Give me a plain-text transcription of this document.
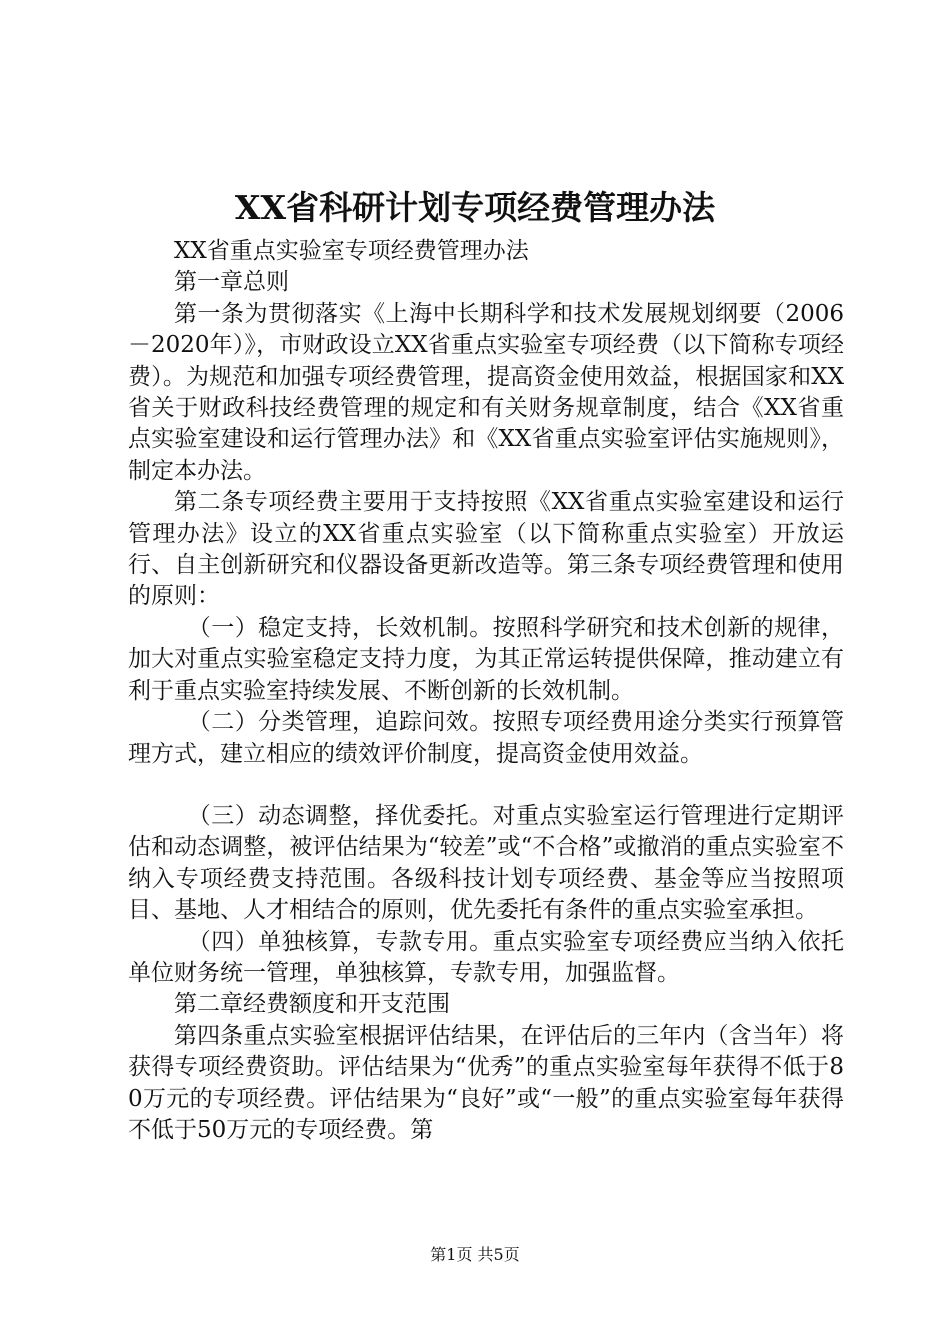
XX省科研计划专项经费管理办法

XX省重点实验室专项经费管理办法

第一章总则

第一条为贯彻落实《上海中长期科学和技术发展规划纲要（2006－2020年）》，市财政设立XX省重点实验室专项经费（以下简称专项经费）。为规范和加强专项经费管理，提高资金使用效益，根据国家和XX省关于财政科技经费管理的规定和有关财务规章制度，结合《XX省重点实验室建设和运行管理办法》和《XX省重点实验室评估实施规则》，制定本办法。

第二条专项经费主要用于支持按照《XX省重点实验室建设和运行管理办法》设立的XX省重点实验室（以下简称重点实验室）开放运行、自主创新研究和仪器设备更新改造等。第三条专项经费管理和使用的原则：

（一）稳定支持，长效机制。按照科学研究和技术创新的规律，加大对重点实验室稳定支持力度，为其正常运转提供保障，推动建立有利于重点实验室持续发展、不断创新的长效机制。

（二）分类管理，追踪问效。按照专项经费用途分类实行预算管理方式，建立相应的绩效评价制度，提高资金使用效益。

（三）动态调整，择优委托。对重点实验室运行管理进行定期评估和动态调整，被评估结果为“较差”或“不合格”或撤消的重点实验室不纳入专项经费支持范围。各级科技计划专项经费、基金等应当按照项目、基地、人才相结合的原则，优先委托有条件的重点实验室承担。

（四）单独核算，专款专用。重点实验室专项经费应当纳入依托单位财务统一管理，单独核算，专款专用，加强监督。

第二章经费额度和开支范围

第四条重点实验室根据评估结果，在评估后的三年内（含当年）将获得专项经费资助。评估结果为“优秀”的重点实验室每年获得不低于80万元的专项经费。评估结果为“良好”或“一般”的重点实验室每年获得不低于50万元的专项经费。第

第1页 共5页
